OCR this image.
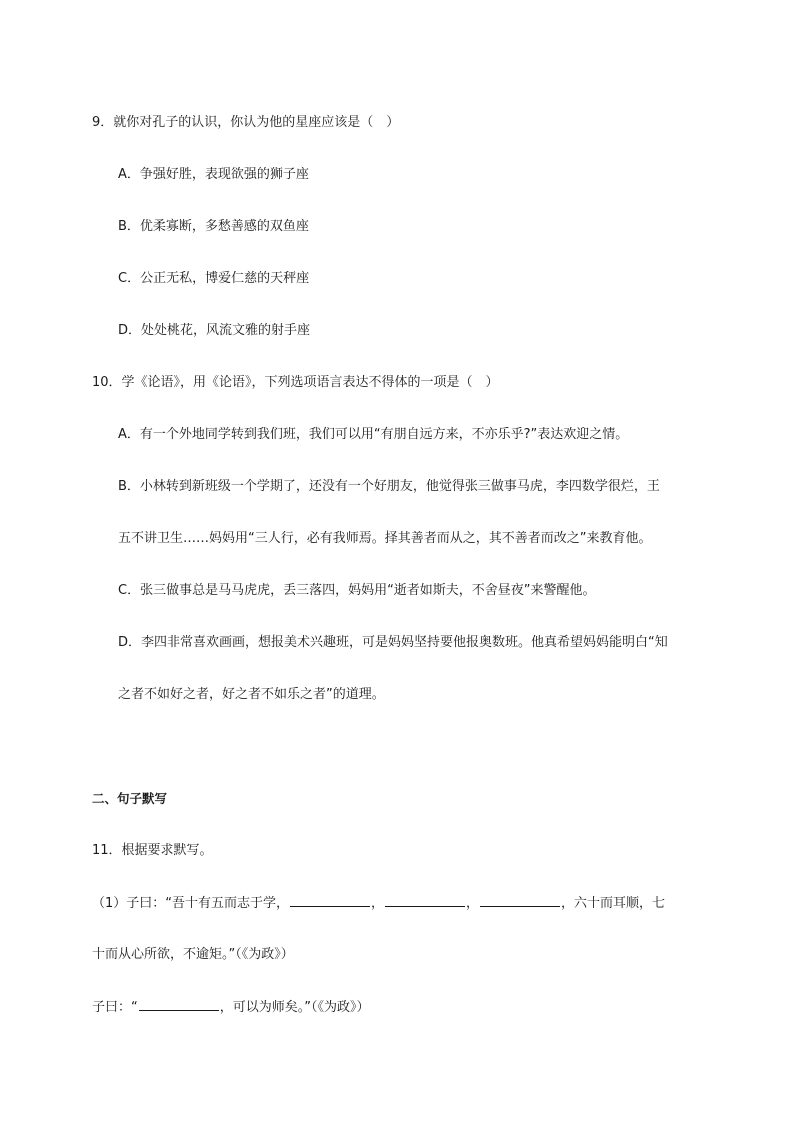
9．就你对孔子的认识，你认为他的星座应该是（　）
A．争强好胜，表现欲强的狮子座
B．优柔寡断，多愁善感的双鱼座
C．公正无私，博爱仁慈的天秤座
D．处处桃花，风流文雅的射手座
10．学《论语》，用《论语》，下列选项语言表达不得体的一项是（　）
A．有一个外地同学转到我们班，我们可以用“有朋自远方来，不亦乐乎?”表达欢迎之情。
B．小林转到新班级一个学期了，还没有一个好朋友，他觉得张三做事马虎，李四数学很烂，王
五不讲卫生……妈妈用“三人行，必有我师焉。择其善者而从之，其不善者而改之”来教育他。
C．张三做事总是马马虎虎，丢三落四，妈妈用“逝者如斯夫，不舍昼夜”来警醒他。
D．李四非常喜欢画画，想报美术兴趣班，可是妈妈坚持要他报奥数班。他真希望妈妈能明白“知
之者不如好之者，好之者不如乐之者”的道理。
二、句子默写
11．根据要求默写。
（1）子曰：“吾十有五而志于学，	，	，	，六十而耳顺，七
十而从心所欲，不逾矩。”（《为政》）
子曰：“	，可以为师矣。”（《为政》）
